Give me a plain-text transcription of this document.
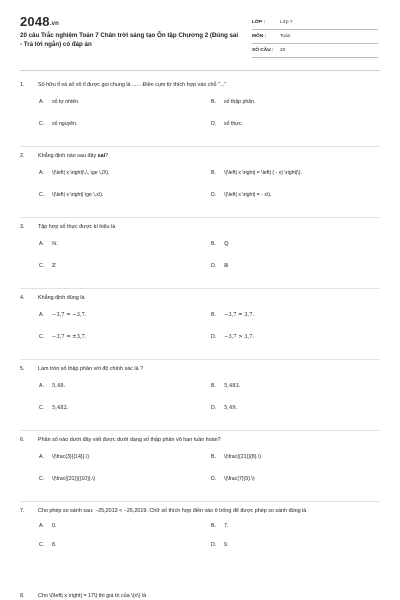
2048.vn
20 câu Trắc nghiệm Toán 7 Chân trời sáng tạo Ôn tập Chương 2 (Đúng sai - Trả lời ngắn) có đáp án
LỚP :	Lớp 7
MÔN :	Toán
SỐ CÂU :	20
1.	Số hữu tỉ và số vô tỉ được gọi chung là ...... Điền cụm từ thích hợp vào chỗ "..."
A. số tự nhiên.	B. số thập phân.
C. số nguyên.	D. số thực.
2.	Khẳng định nào sau đây sai?
A. \(\left| x \right|\,\, \ge \,0\).	B. \(\left| x \right| = \left| { - x} \right|\).
C. \(\left| x \right| \ge \,x\).	D. \(\left| x \right| = - x\).
3.	Tập hợp số thực được kí hiệu là
A. ℕ.	B. ℚ
C. ℤ	D. ℝ
4.	Khẳng định đúng là
A. −3,7 = −3,7.	B. −3,7 = 3,7.
C. −3,7 = ±3,7.	D. −3,7 > 3,7.
5.	Làm tròn số thập phân với độ chính xác là ?
A. 5,48.	B. 5,483.
C. 5,482.	D. 5,49.
6.	Phân số nào dưới đây viết được dưới dạng số thập phân vô hạn tuần hoàn?
A. \(\frac{3}{{14}}.\)	B. \(\frac{{21}}{8}.\)
C. \(\frac{{31}}{{10}}.\)	D. \(\frac{7}{5}.\)
7.	Cho phép so sánh sau: −25,2013 < −25,2019. Chữ số thích hợp điền vào ô trống để được phép so sánh đúng là
A. 0.	B. 7.
C. 8.	D. 9.
8.	Cho \(\left| x \right| = 17\) thì giá trị của \(x\) là
